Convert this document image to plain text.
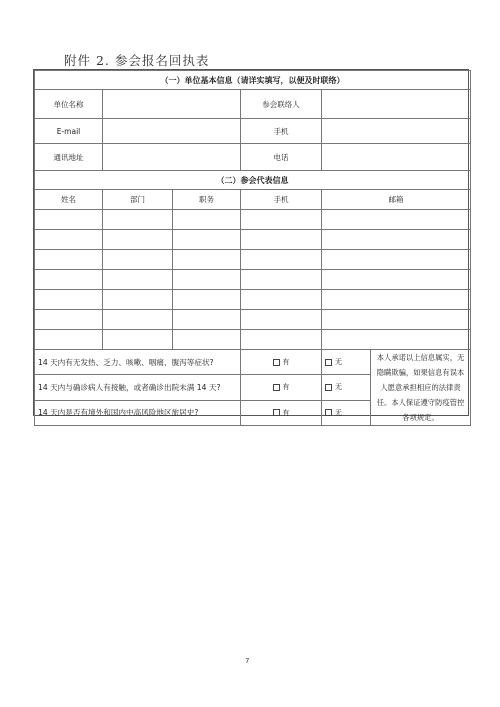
附件 2. 参会报名回执表
（一）单位基本信息（请详实填写，以便及时联络）					
单位名称			参会联络人		
E-mail			手机		
通讯地址			电话		
（二）参会代表信息					
姓名	部门	职务	手机	邮箱	

14 天内有无发热、乏力、咳嗽、咽痛、腹泻等症状?			有	无	本人承诺以上信息属实，无隐瞒欺骗，如果信息有误本人愿意承担相应的法律责任。本人保证遵守防疫管控各项规定。
14 天内与确诊病人有接触，或者确诊出院未满 14 天?			有	无	
14 天内是否有境外和国内中高风险地区旅居史?			有	无	
7
